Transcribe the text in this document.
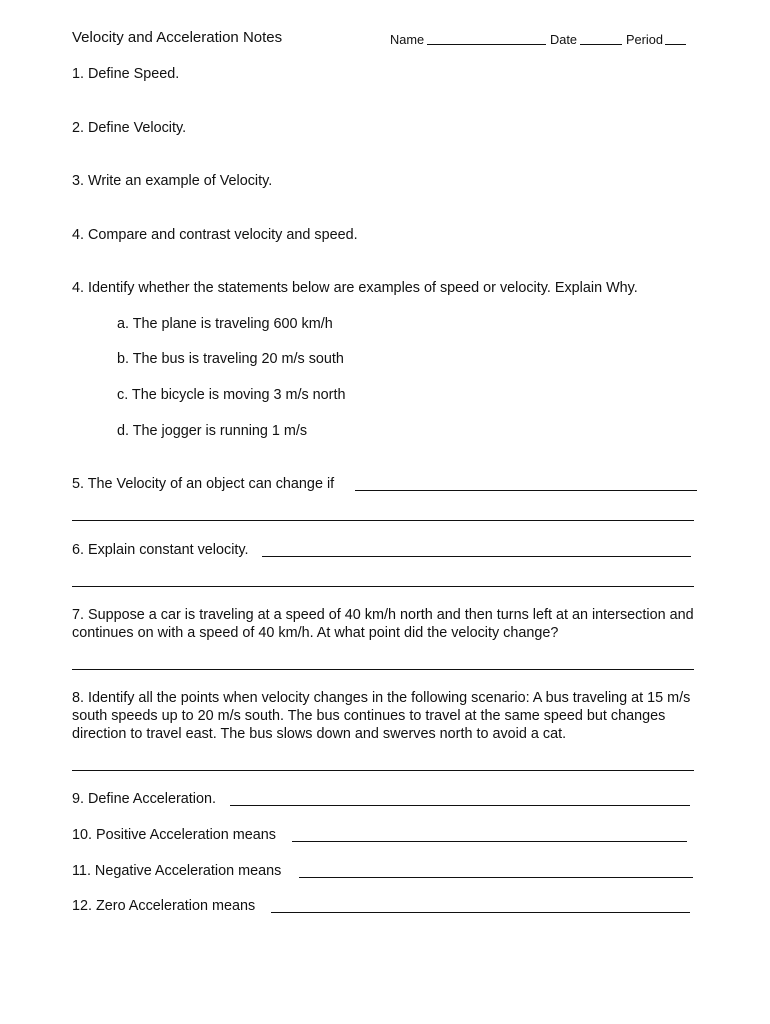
Velocity and Acceleration Notes	Name	Date	Period
1. Define Speed.
2. Define Velocity.
3. Write an example of Velocity.
4. Compare and contrast velocity and speed.
4. Identify whether the statements below are examples of speed or velocity. Explain Why.
a. The plane is traveling 600 km/h
b. The bus is traveling 20 m/s south
c. The bicycle is moving 3 m/s north
d. The jogger is running 1 m/s
5. The Velocity of an object can change if
6. Explain constant velocity.
7. Suppose a car is traveling at a speed of 40 km/h north and then turns left at an intersection and continues on with a speed of 40 km/h. At what point did the velocity change?
8. Identify all the points when velocity changes in the following scenario: A bus traveling at 15 m/s south speeds up to 20 m/s south. The bus continues to travel at the same speed but changes direction to travel east. The bus slows down and swerves north to avoid a cat.
9. Define Acceleration.
10. Positive Acceleration means
11. Negative Acceleration means
12. Zero Acceleration means
